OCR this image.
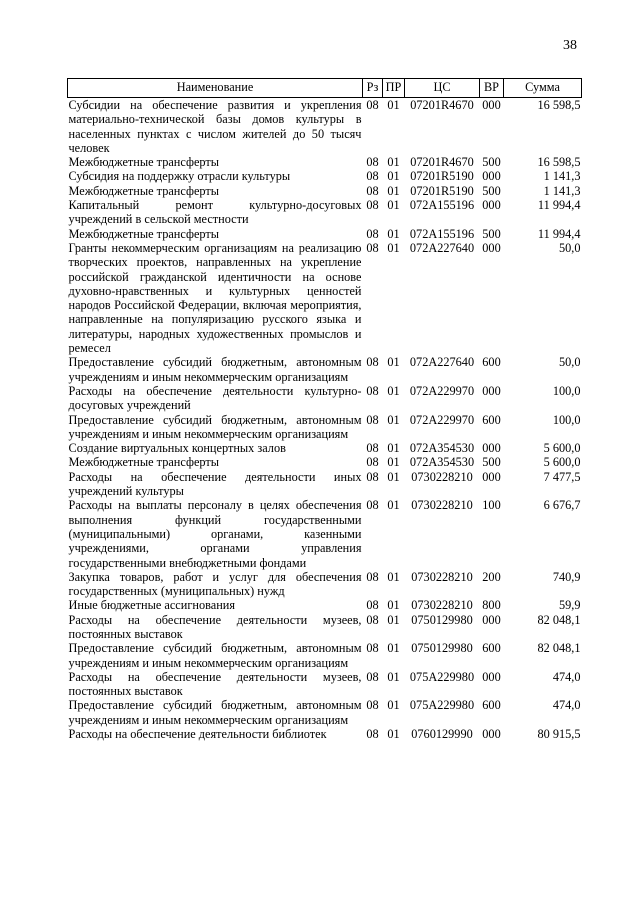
38
Наименование	Рз	ПР	ЦС	ВР	Сумма
Субсидии на обеспечение развития и укрепления материально-технической базы домов культуры в населенных пунктах с числом жителей до 50 тысяч человек	08	01	07201R4670	000	16 598,5
Межбюджетные трансферты	08	01	07201R4670	500	16 598,5
Субсидия на поддержку отрасли культуры	08	01	07201R5190	000	1 141,3
Межбюджетные трансферты	08	01	07201R5190	500	1 141,3
Капитальный ремонт культурно-досуговых учреждений в сельской местности	08	01	072A155196	000	11 994,4
Межбюджетные трансферты	08	01	072A155196	500	11 994,4
Гранты некоммерческим организациям на реализацию творческих проектов, направленных на укрепление российской гражданской идентичности на основе духовно-нравственных и культурных ценностей народов Российской Федерации, включая мероприятия, направленные на популяризацию русского языка и литературы, народных художественных промыслов и ремесел	08	01	072A227640	000	50,0
Предоставление субсидий бюджетным, автономным учреждениям и иным некоммерческим организациям	08	01	072A227640	600	50,0
Расходы на обеспечение деятельности культурно-досуговых учреждений	08	01	072A229970	000	100,0
Предоставление субсидий бюджетным, автономным учреждениям и иным некоммерческим организациям	08	01	072A229970	600	100,0
Создание виртуальных концертных залов	08	01	072A354530	000	5 600,0
Межбюджетные трансферты	08	01	072A354530	500	5 600,0
Расходы на обеспечение деятельности иных учреждений культуры	08	01	0730228210	000	7 477,5
Расходы на выплаты персоналу в целях обеспечения выполнения функций государственными (муниципальными) органами, казенными учреждениями, органами управления государственными внебюджетными фондами	08	01	0730228210	100	6 676,7
Закупка товаров, работ и услуг для обеспечения государственных (муниципальных) нужд	08	01	0730228210	200	740,9
Иные бюджетные ассигнования	08	01	0730228210	800	59,9
Расходы на обеспечение деятельности музеев, постоянных выставок	08	01	0750129980	000	82 048,1
Предоставление субсидий бюджетным, автономным учреждениям и иным некоммерческим организациям	08	01	0750129980	600	82 048,1
Расходы на обеспечение деятельности музеев, постоянных выставок	08	01	075A229980	000	474,0
Предоставление субсидий бюджетным, автономным учреждениям и иным некоммерческим организациям	08	01	075A229980	600	474,0
Расходы на обеспечение деятельности библиотек	08	01	0760129990	000	80 915,5
